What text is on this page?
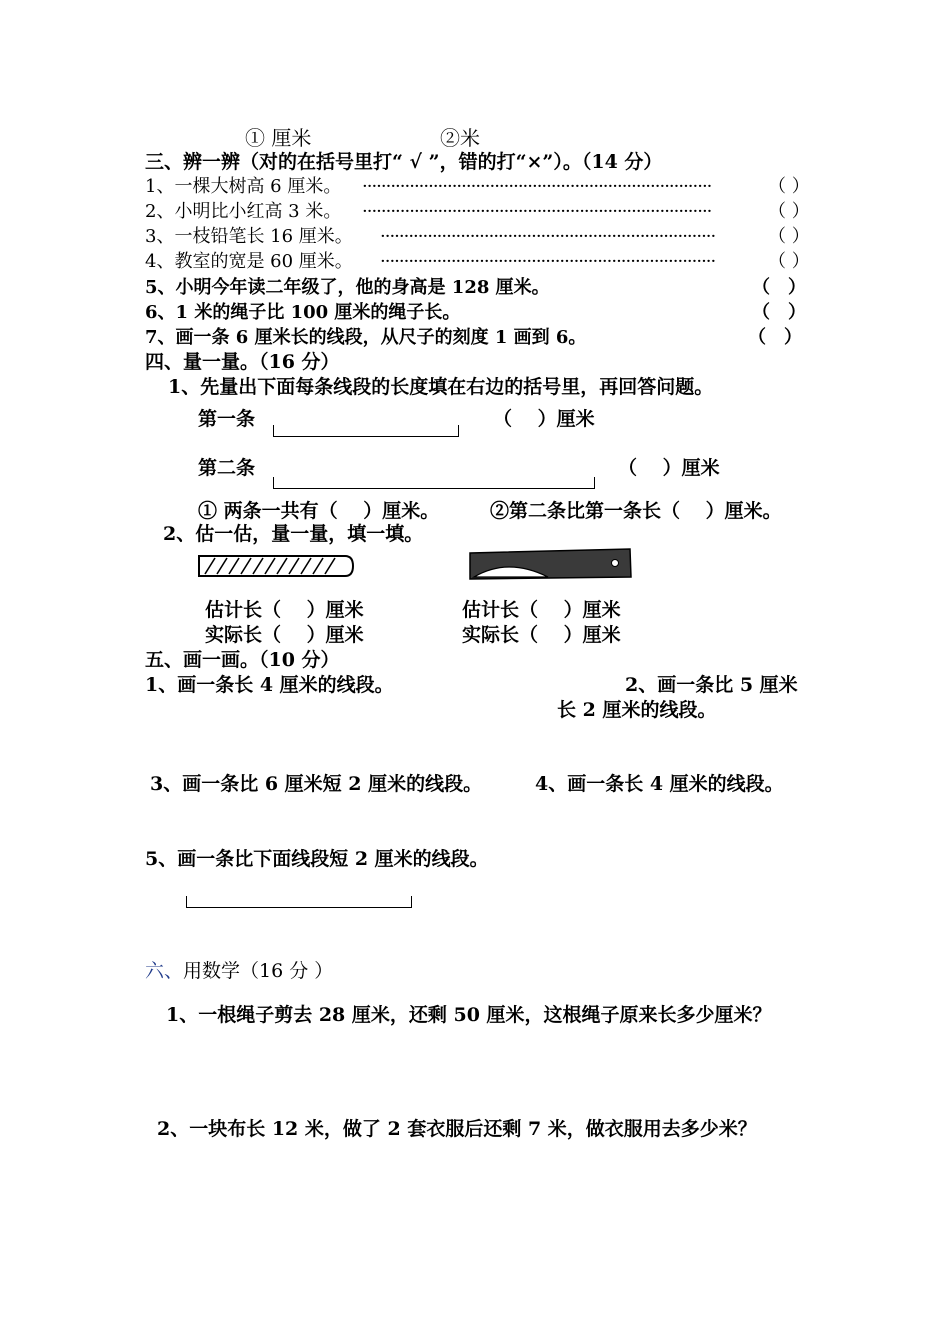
① 厘米	②米
三、辨一辨（对的在括号里打“ √ ”，错的打“×”）。（14 分）
1、一棵大树高 6 厘米。 ··········································································	（ ）
2、小明比小红高 3 米。 ··········································································	（ ）
3、一枝铅笔长 16 厘米。 ·······································································	（ ）
4、教室的宽是 60 厘米。 ·······································································	（ ）
5、小明今年读二年级了，他的身高是 128 厘米。	（　）
6、1 米的绳子比 100 厘米的绳子长。	（　）
7、画一条 6 厘米长的线段，从尺子的刻度 1 画到 6。	（　）
四、量一量。（16 分）
1、先量出下面每条线段的长度填在右边的括号里，再回答问题。
第一条	（　 ）厘米
第二条	（　 ）厘米
① 两条一共有（　 ）厘米。	②第二条比第一条长（　 ）厘米。
2、估一估，量一量，填一填。
估计长（　 ）厘米
实际长（　 ）厘米
估计长（　 ）厘米
实际长（　 ）厘米
五、画一画。（10 分）
1、画一条长 4 厘米的线段。	2、画一条比 5 厘米
长 2 厘米的线段。
3、画一条比 6 厘米短 2 厘米的线段。	4、画一条长 4 厘米的线段。
5、画一条比下面线段短 2 厘米的线段。
六、用数学（16 分 ）
1、一根绳子剪去 28 厘米，还剩 50 厘米，这根绳子原来长多少厘米？
2、一块布长 12 米，做了 2 套衣服后还剩 7 米，做衣服用去多少米？
